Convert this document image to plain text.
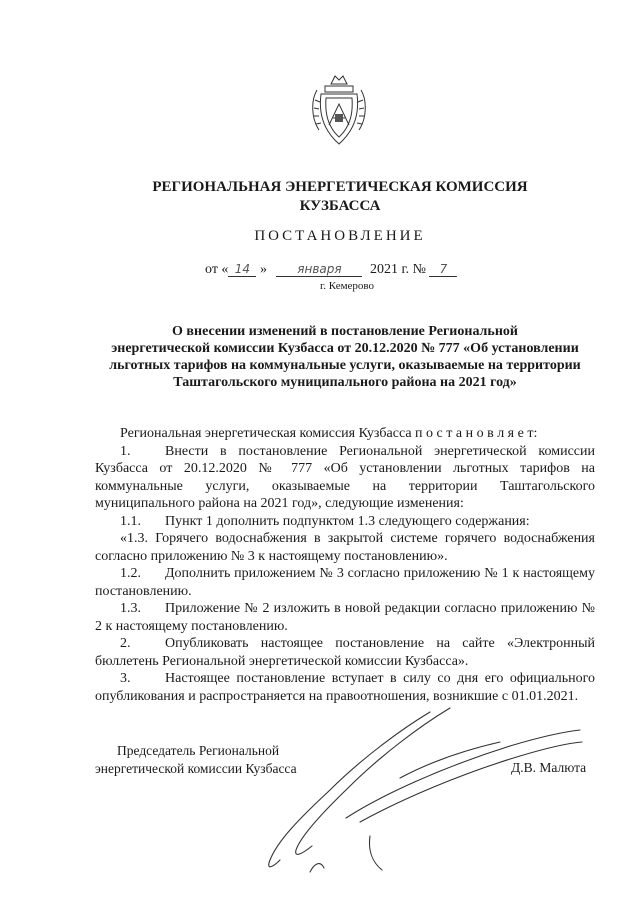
РЕГИОНАЛЬНАЯ ЭНЕРГЕТИЧЕСКАЯ КОМИССИЯ
КУЗБАССА
ПОСТАНОВЛЕНИЕ
от « 14 »	января 2021 г. № 7
г. Кемерово
О внесении изменений в постановление Региональной
энергетической комиссии Кузбасса от 20.12.2020 № 777 «Об установлении
льготных тарифов на коммунальные услуги, оказываемые на территории
Таштагольского муниципального района на 2021 год»

Региональная энергетическая комиссия Кузбасса п о с т а н о в л я е т:

1. Внести в постановление Региональной энергетической комиссии Кузбасса от 20.12.2020 № 777 «Об установлении льготных тарифов на коммунальные услуги, оказываемые на территории Таштагольского муниципального района на 2021 год», следующие изменения:

1.1. Пункт 1 дополнить подпунктом 1.3 следующего содержания:

«1.3. Горячего водоснабжения в закрытой системе горячего водоснабжения согласно приложению № 3 к настоящему постановлению».

1.2. Дополнить приложением № 3 согласно приложению № 1 к настоящему постановлению.

1.3. Приложение № 2 изложить в новой редакции согласно приложению № 2 к настоящему постановлению.

2. Опубликовать настоящее постановление на сайте «Электронный бюллетень Региональной энергетической комиссии Кузбасса».

3. Настоящее постановление вступает в силу со дня его официального опубликования и распространяется на правоотношения, возникшие с 01.01.2021.

Председатель Региональной
энергетической комиссии Кузбасса	Д.В. Малюта
